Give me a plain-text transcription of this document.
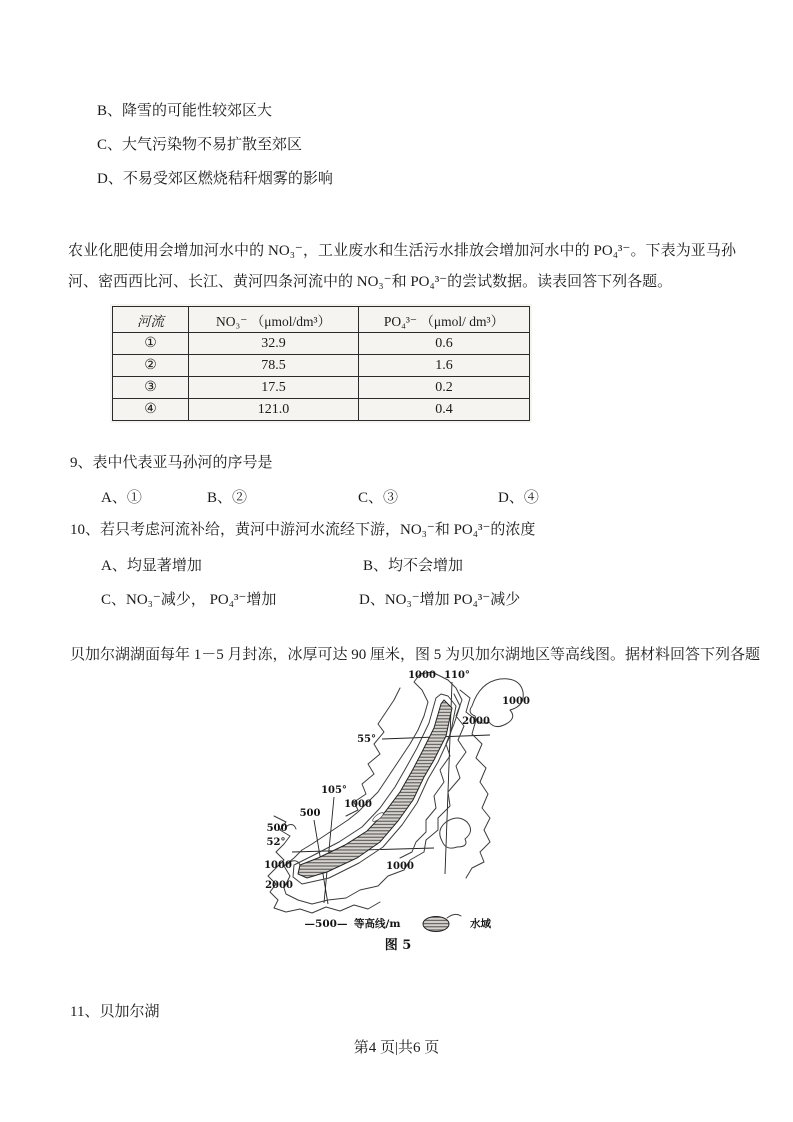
B、降雪的可能性较郊区大
C、大气污染物不易扩散至郊区
D、不易受郊区燃烧秸秆烟雾的影响
农业化肥使用会增加河水中的 NO₃⁻，工业废水和生活污水排放会增加河水中的 PO₄³⁻。下表为亚马孙河、密西西比河、长江、黄河四条河流中的 NO₃⁻和 PO₄³⁻的尝试数据。读表回答下列各题。
河流	NO₃⁻ （μmol/dm³）	PO₄³⁻ （μmol/ dm³）
①	32.9	0.6
②	78.5	1.6
③	17.5	0.2
④	121.0	0.4
9、表中代表亚马孙河的序号是
A、①	B、②	C、③	D、④
10、若只考虑河流补给，黄河中游河水流经下游，NO₃⁻和 PO₄³⁻的浓度
A、均显著增加	B、均不会增加
C、NO₃⁻减少， PO₄³⁻增加	D、NO₃⁻增加 PO₄³⁻减少
贝加尔湖湖面每年 1－5 月封冻，冰厚可达 90 厘米，图 5 为贝加尔湖地区等高线图。据材料回答下列各题
1000 110°
1000
2000
55°
105°
1000
500
500
52°
1000
2000
1000
—500— 等高线/m	水域
图 5
11、贝加尔湖
第4 页|共6 页
